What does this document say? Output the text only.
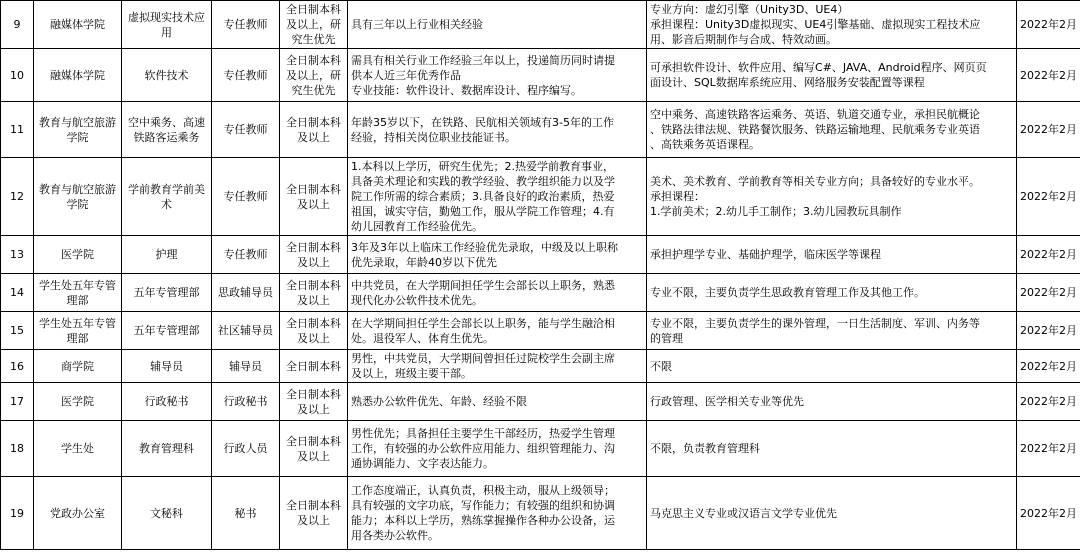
9	融媒体学院	虚拟现实技术应用	专任教师	全日制本科及以上，研究生优先	具有三年以上行业相关经验	专业方向：虚幻引擎（Unity3D、UE4）
承担课程：Unity3D虚拟现实、UE4引擎基础、虚拟现实工程技术应
用、影音后期制作与合成、特效动画。	2022年2月
10	融媒体学院	软件技术	专任教师	全日制本科及以上，研究生优先	需具有相关行业工作经验三年以上，投递简历同时请提
供本人近三年优秀作品
专业技能：软件设计、数据库设计、程序编写。	可承担软件设计、软件应用、编写C#、JAVA、Android程序、网页页
面设计、SQL数据库系统应用、网络服务安装配置等课程	2022年2月
11	教育与航空旅游学院	空中乘务、高速铁路客运乘务	专任教师	全日制本科及以上	年龄35岁以下，在铁路、民航相关领域有3-5年的工作
经验，持相关岗位职业技能证书。	空中乘务、高速铁路客运乘务、英语、轨道交通专业，承担民航概论
、铁路法律法规、铁路餐饮服务、铁路运输地理、民航乘务专业英语
、高铁乘务英语课程。	2022年2月
12	教育与航空旅游学院	学前教育学前美术	专任教师	全日制本科及以上	1.本科以上学历，研究生优先；2.热爱学前教育事业，
具备美术理论和实践的教学经验、教学组织能力以及学
院工作所需的综合素质；3.具备良好的政治素质，热爱
祖国，诚实守信，勤勉工作，服从学院工作管理；4.有
幼儿园教育工作经验优先。	美术、美术教育、学前教育等相关专业方向；具备较好的专业水平。
承担课程：
1.学前美术；2.幼儿手工制作；3.幼儿园教玩具制作	2022年2月
13	医学院	护理	专任教师	全日制本科及以上	3年及3年以上临床工作经验优先录取，中级及以上职称
优先录取，年龄40岁以下优先	承担护理学专业、基础护理学，临床医学等课程	2022年2月
14	学生处五年专管理部	五年专管理部	思政辅导员	全日制本科及以上	中共党员，在大学期间担任学生会部长以上职务，熟悉
现代化办公软件技术优先。	专业不限，主要负责学生思政教育管理工作及其他工作。	2022年2月
15	学生处五年专管理部	五年专管理部	社区辅导员	全日制本科及以上	在大学期间担任学生会部长以上职务，能与学生融洽相
处。退役军人、体育生优先。	专业不限，主要负责学生的课外管理，一日生活制度、军训、内务等
的管理	2022年2月
16	商学院	辅导员	辅导员	全日制本科	男性，中共党员，大学期间曾担任过院校学生会副主席
及以上，班级主要干部。	不限	2022年2月
17	医学院	行政秘书	行政秘书	全日制本科及以上	熟悉办公软件优先、年龄、经验不限	行政管理、医学相关专业等优先	2022年2月
18	学生处	教育管理科	行政人员	全日制本科及以上	男性优先；具备担任主要学生干部经历，热爱学生管理
工作，有较强的办公软件应用能力、组织管理能力、沟
通协调能力、文字表达能力。	不限，负责教育管理科	2022年2月
19	党政办公室	文秘科	秘书	全日制本科及以上	工作态度端正，认真负责，积极主动，服从上级领导；
具有较强的文字功底，写作能力；有较强的组织和协调
能力；本科以上学历，熟练掌握操作各种办公设备，运
用各类办公软件。	马克思主义专业或汉语言文学专业优先	2022年2月
